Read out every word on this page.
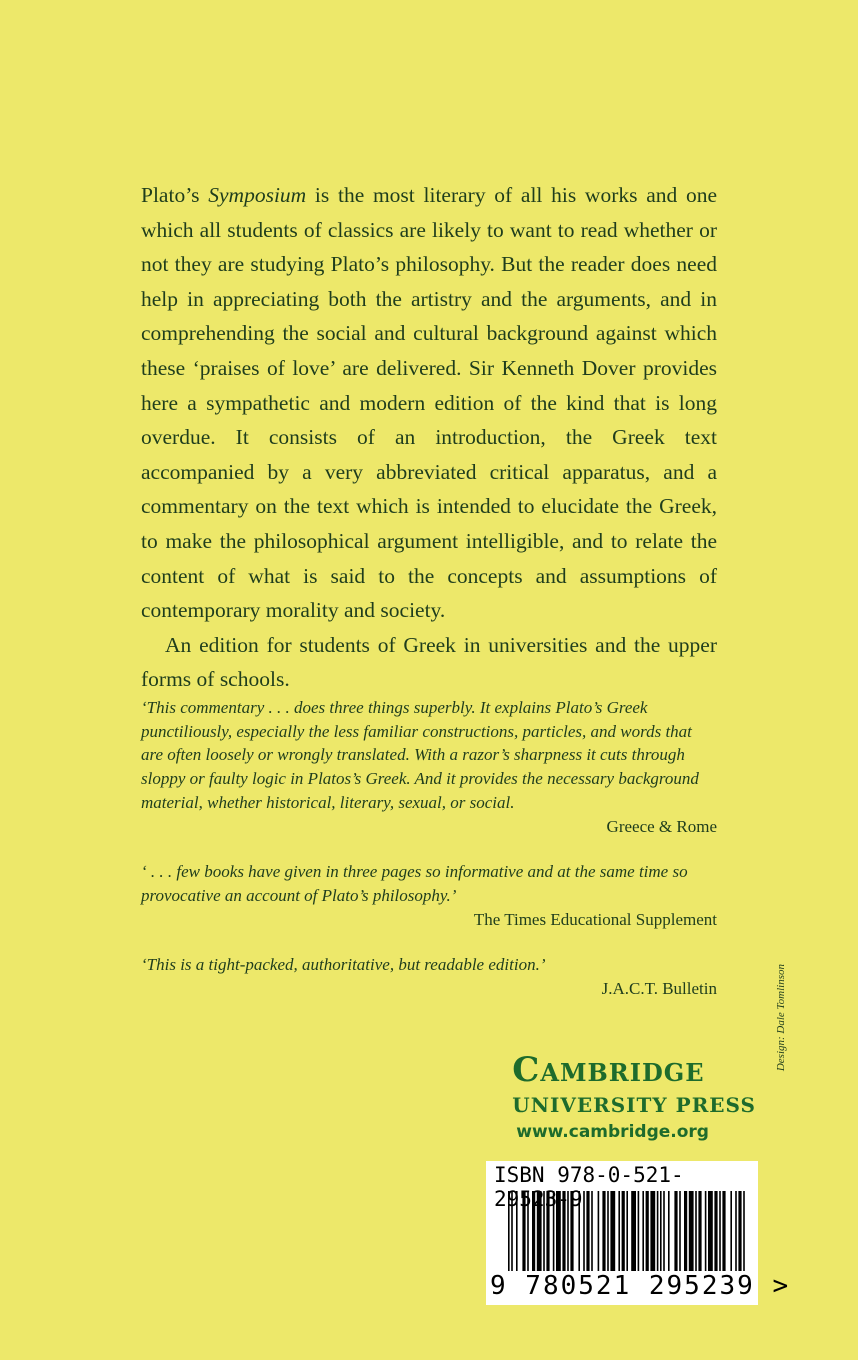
Plato’s Symposium is the most literary of all his works and one which all students of classics are likely to want to read whether or not they are studying Plato’s philosophy. But the reader does need help in appreciating both the artistry and the arguments, and in comprehending the social and cultural background against which these ‘praises of love’ are delivered. Sir Kenneth Dover provides here a sympathetic and modern edition of the kind that is long overdue. It consists of an introduction, the Greek text accompanied by a very abbreviated critical apparatus, and a commentary on the text which is intended to elucidate the Greek, to make the philosophical argument intelligible, and to relate the content of what is said to the concepts and assumptions of contemporary morality and society.

An edition for students of Greek in universities and the upper forms of schools.

‘This commentary . . . does three things superbly. It explains Plato’s Greek punctiliously, especially the less familiar constructions, particles, and words that are often loosely or wrongly translated. With a razor’s sharpness it cuts through sloppy or faulty logic in Platos’s Greek. And it provides the necessary background material, whether historical, literary, sexual, or social.

Greece & Rome

‘ . . . few books have given in three pages so informative and at the same time so provocative an account of Plato’s philosophy.’

The Times Educational Supplement

‘This is a tight-packed, authoritative, but readable edition.’

J.A.C.T. Bulletin	Design: Dale Tomlinson
Cambridge
UNIVERSITY PRESS
www.cambridge.org
ISBN 978-0-521-29523-9
9 780521 295239 >
